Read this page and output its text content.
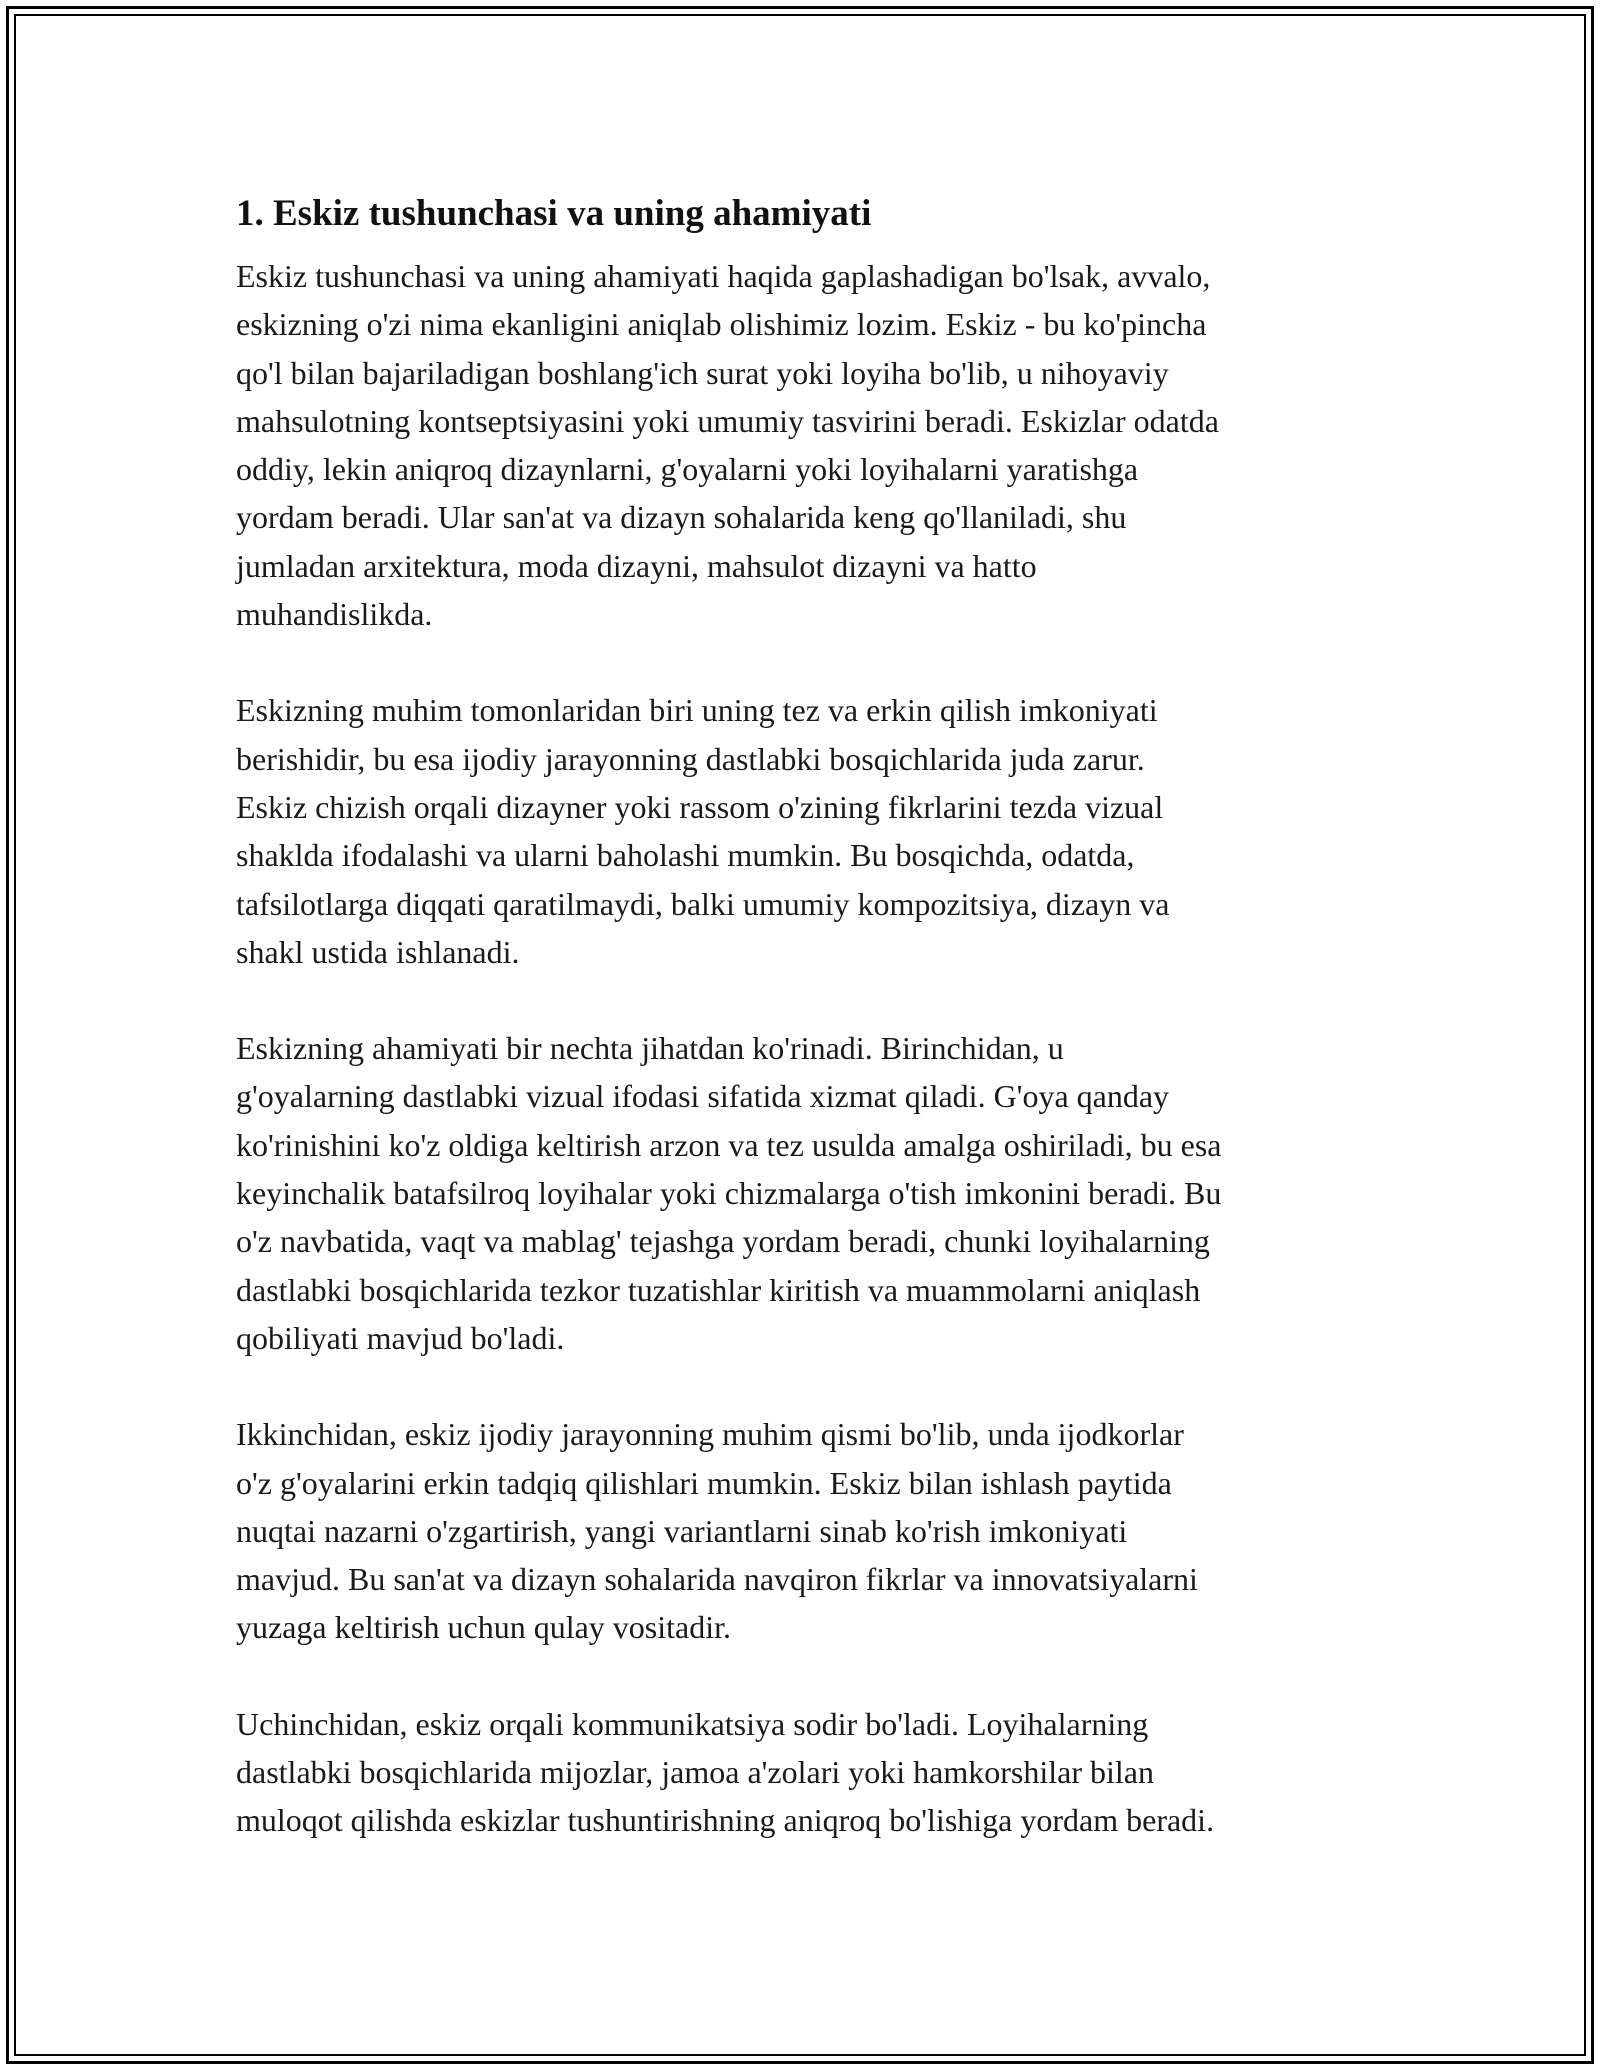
1. Eskiz tushunchasi va uning ahamiyati

Eskiz tushunchasi va uning ahamiyati haqida gaplashadigan bo'lsak, avvalo,
eskizning o'zi nima ekanligini aniqlab olishimiz lozim. Eskiz - bu ko'pincha
qo'l bilan bajariladigan boshlang'ich surat yoki loyiha bo'lib, u nihoyaviy
mahsulotning kontseptsiyasini yoki umumiy tasvirini beradi. Eskizlar odatda
oddiy, lekin aniqroq dizaynlarni, g'oyalarni yoki loyihalarni yaratishga
yordam beradi. Ular san'at va dizayn sohalarida keng qo'llaniladi, shu
jumladan arxitektura, moda dizayni, mahsulot dizayni va hatto
muhandislikda.

Eskizning muhim tomonlaridan biri uning tez va erkin qilish imkoniyati
berishidir, bu esa ijodiy jarayonning dastlabki bosqichlarida juda zarur.
Eskiz chizish orqali dizayner yoki rassom o'zining fikrlarini tezda vizual
shaklda ifodalashi va ularni baholashi mumkin. Bu bosqichda, odatda,
tafsilotlarga diqqati qaratilmaydi, balki umumiy kompozitsiya, dizayn va
shakl ustida ishlanadi.

Eskizning ahamiyati bir nechta jihatdan ko'rinadi. Birinchidan, u
g'oyalarning dastlabki vizual ifodasi sifatida xizmat qiladi. G'oya qanday
ko'rinishini ko'z oldiga keltirish arzon va tez usulda amalga oshiriladi, bu esa
keyinchalik batafsilroq loyihalar yoki chizmalarga o'tish imkonini beradi. Bu
o'z navbatida, vaqt va mablag' tejashga yordam beradi, chunki loyihalarning
dastlabki bosqichlarida tezkor tuzatishlar kiritish va muammolarni aniqlash
qobiliyati mavjud bo'ladi.

Ikkinchidan, eskiz ijodiy jarayonning muhim qismi bo'lib, unda ijodkorlar
o'z g'oyalarini erkin tadqiq qilishlari mumkin. Eskiz bilan ishlash paytida
nuqtai nazarni o'zgartirish, yangi variantlarni sinab ko'rish imkoniyati
mavjud. Bu san'at va dizayn sohalarida navqiron fikrlar va innovatsiyalarni
yuzaga keltirish uchun qulay vositadir.

Uchinchidan, eskiz orqali kommunikatsiya sodir bo'ladi. Loyihalarning
dastlabki bosqichlarida mijozlar, jamoa a'zolari yoki hamkorshilar bilan
muloqot qilishda eskizlar tushuntirishning aniqroq bo'lishiga yordam beradi.
